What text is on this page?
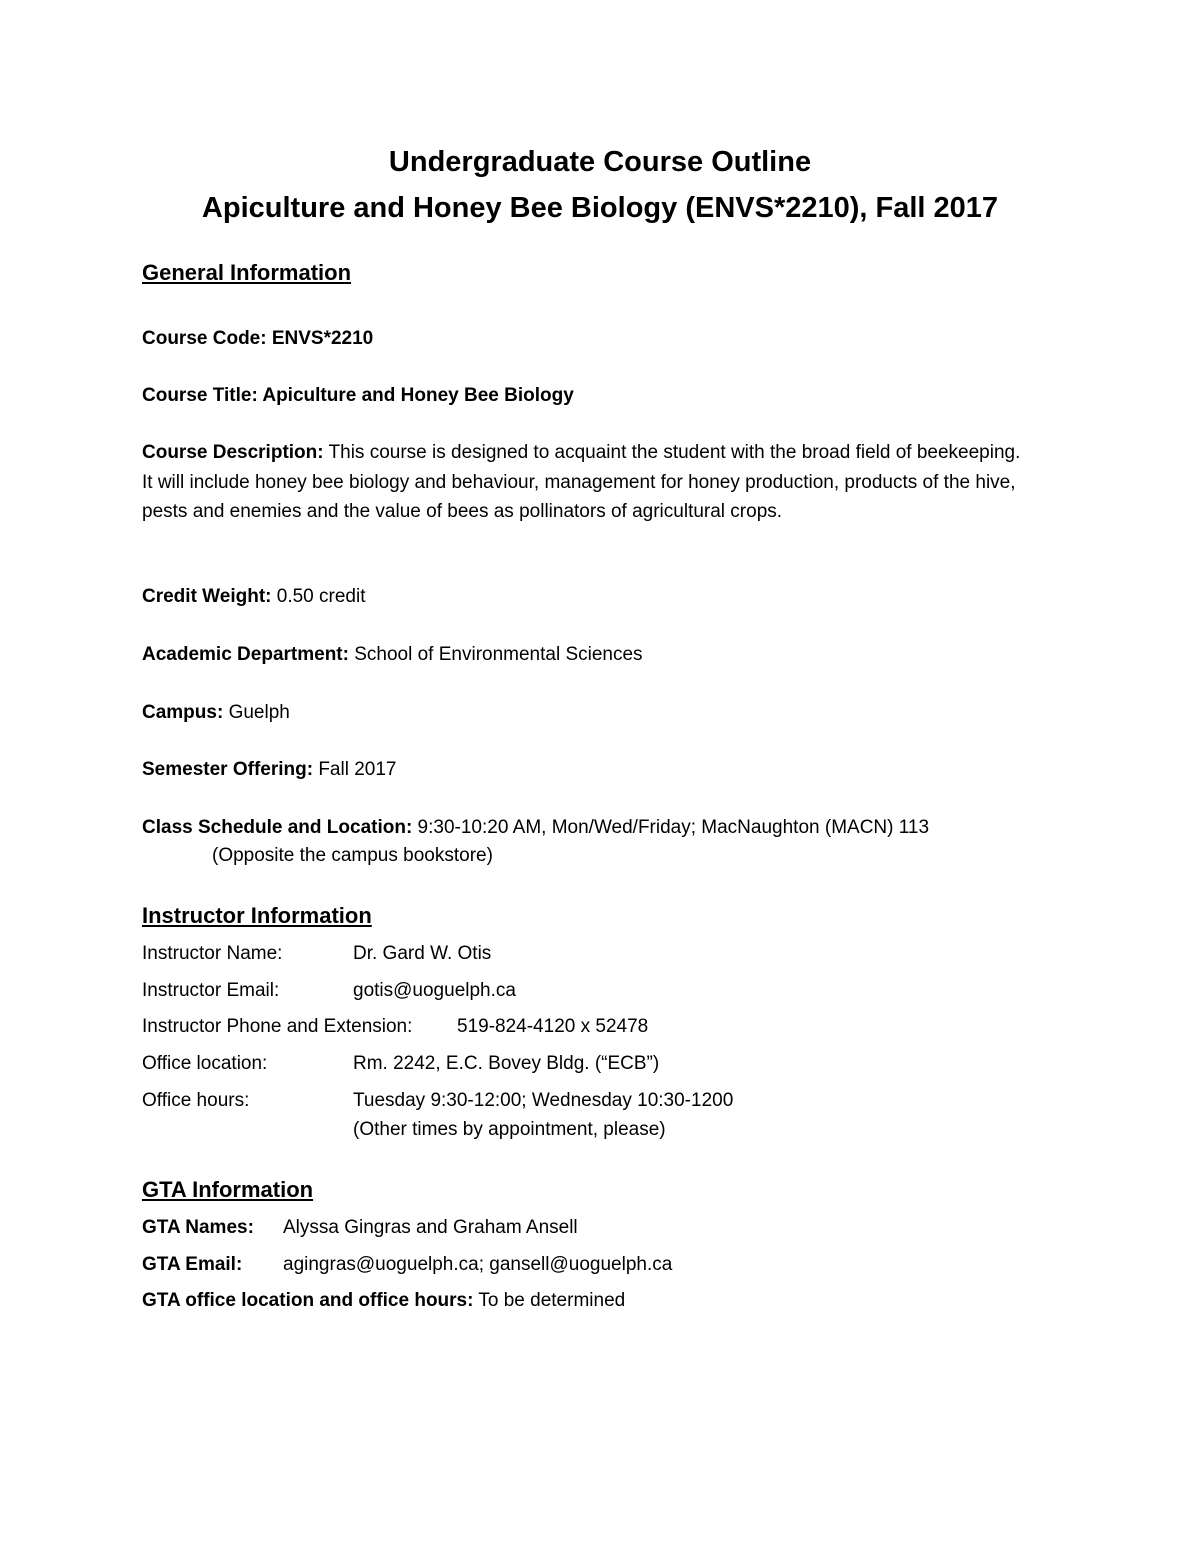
Undergraduate Course Outline
Apiculture and Honey Bee Biology (ENVS*2210), Fall 2017
General Information
Course Code: ENVS*2210
Course Title: Apiculture and Honey Bee Biology
Course Description: This course is designed to acquaint the student with the broad field of beekeeping. It will include honey bee biology and behaviour, management for honey production, products of the hive, pests and enemies and the value of bees as pollinators of agricultural crops.
Credit Weight: 0.50 credit
Academic Department: School of Environmental Sciences
Campus: Guelph
Semester Offering: Fall 2017
Class Schedule and Location: 9:30-10:20 AM, Mon/Wed/Friday; MacNaughton (MACN) 113
(Opposite the campus bookstore)
Instructor Information
Instructor Name:	Dr. Gard W. Otis
Instructor Email:	gotis@uoguelph.ca
Instructor Phone and Extension: 519-824-4120 x 52478
Office location:	Rm. 2242, E.C. Bovey Bldg. (“ECB”)
Office hours:	Tuesday 9:30-12:00; Wednesday 10:30-1200
(Other times by appointment, please)
GTA Information
GTA Names: Alyssa Gingras and Graham Ansell
GTA Email: agingras@uoguelph.ca; gansell@uoguelph.ca
GTA office location and office hours: To be determined
